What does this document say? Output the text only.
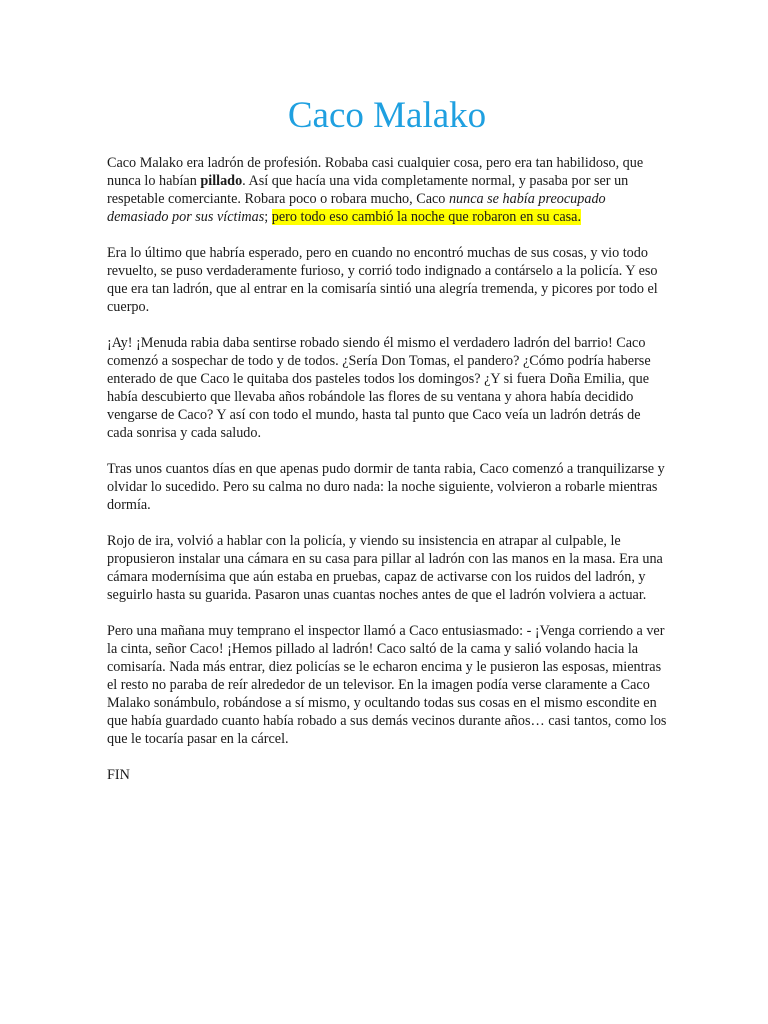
Caco Malako

Caco Malako era ladrón de profesión. Robaba casi cualquier cosa, pero era tan habilidoso, que nunca lo habían pillado. Así que hacía una vida completamente normal, y pasaba por ser un respetable comerciante. Robara poco o robara mucho, Caco nunca se había preocupado demasiado por sus víctimas; pero todo eso cambió la noche que robaron en su casa.

Era lo último que habría esperado, pero en cuando no encontró muchas de sus cosas, y vio todo revuelto, se puso verdaderamente furioso, y corrió todo indignado a contárselo a la policía. Y eso que era tan ladrón, que al entrar en la comisaría sintió una alegría tremenda, y picores por todo el cuerpo.

¡Ay! ¡Menuda rabia daba sentirse robado siendo él mismo el verdadero ladrón del barrio! Caco comenzó a sospechar de todo y de todos. ¿Sería Don Tomas, el pandero? ¿Cómo podría haberse enterado de que Caco le quitaba dos pasteles todos los domingos? ¿Y si fuera Doña Emilia, que había descubierto que llevaba años robándole las flores de su ventana y ahora había decidido vengarse de Caco? Y así con todo el mundo, hasta tal punto que Caco veía un ladrón detrás de cada sonrisa y cada saludo.

Tras unos cuantos días en que apenas pudo dormir de tanta rabia, Caco comenzó a tranquilizarse y olvidar lo sucedido. Pero su calma no duro nada: la noche siguiente, volvieron a robarle mientras dormía.

Rojo de ira, volvió a hablar con la policía, y viendo su insistencia en atrapar al culpable, le propusieron instalar una cámara en su casa para pillar al ladrón con las manos en la masa. Era una cámara modernísima que aún estaba en pruebas, capaz de activarse con los ruidos del ladrón, y seguirlo hasta su guarida. Pasaron unas cuantas noches antes de que el ladrón volviera a actuar.

Pero una mañana muy temprano el inspector llamó a Caco entusiasmado: - ¡Venga corriendo a ver la cinta, señor Caco! ¡Hemos pillado al ladrón! Caco saltó de la cama y salió volando hacia la comisaría. Nada más entrar, diez policías se le echaron encima y le pusieron las esposas, mientras el resto no paraba de reír alrededor de un televisor. En la imagen podía verse claramente a Caco Malako sonámbulo, robándose a sí mismo, y ocultando todas sus cosas en el mismo escondite en que había guardado cuanto había robado a sus demás vecinos durante años… casi tantos, como los que le tocaría pasar en la cárcel.

FIN
